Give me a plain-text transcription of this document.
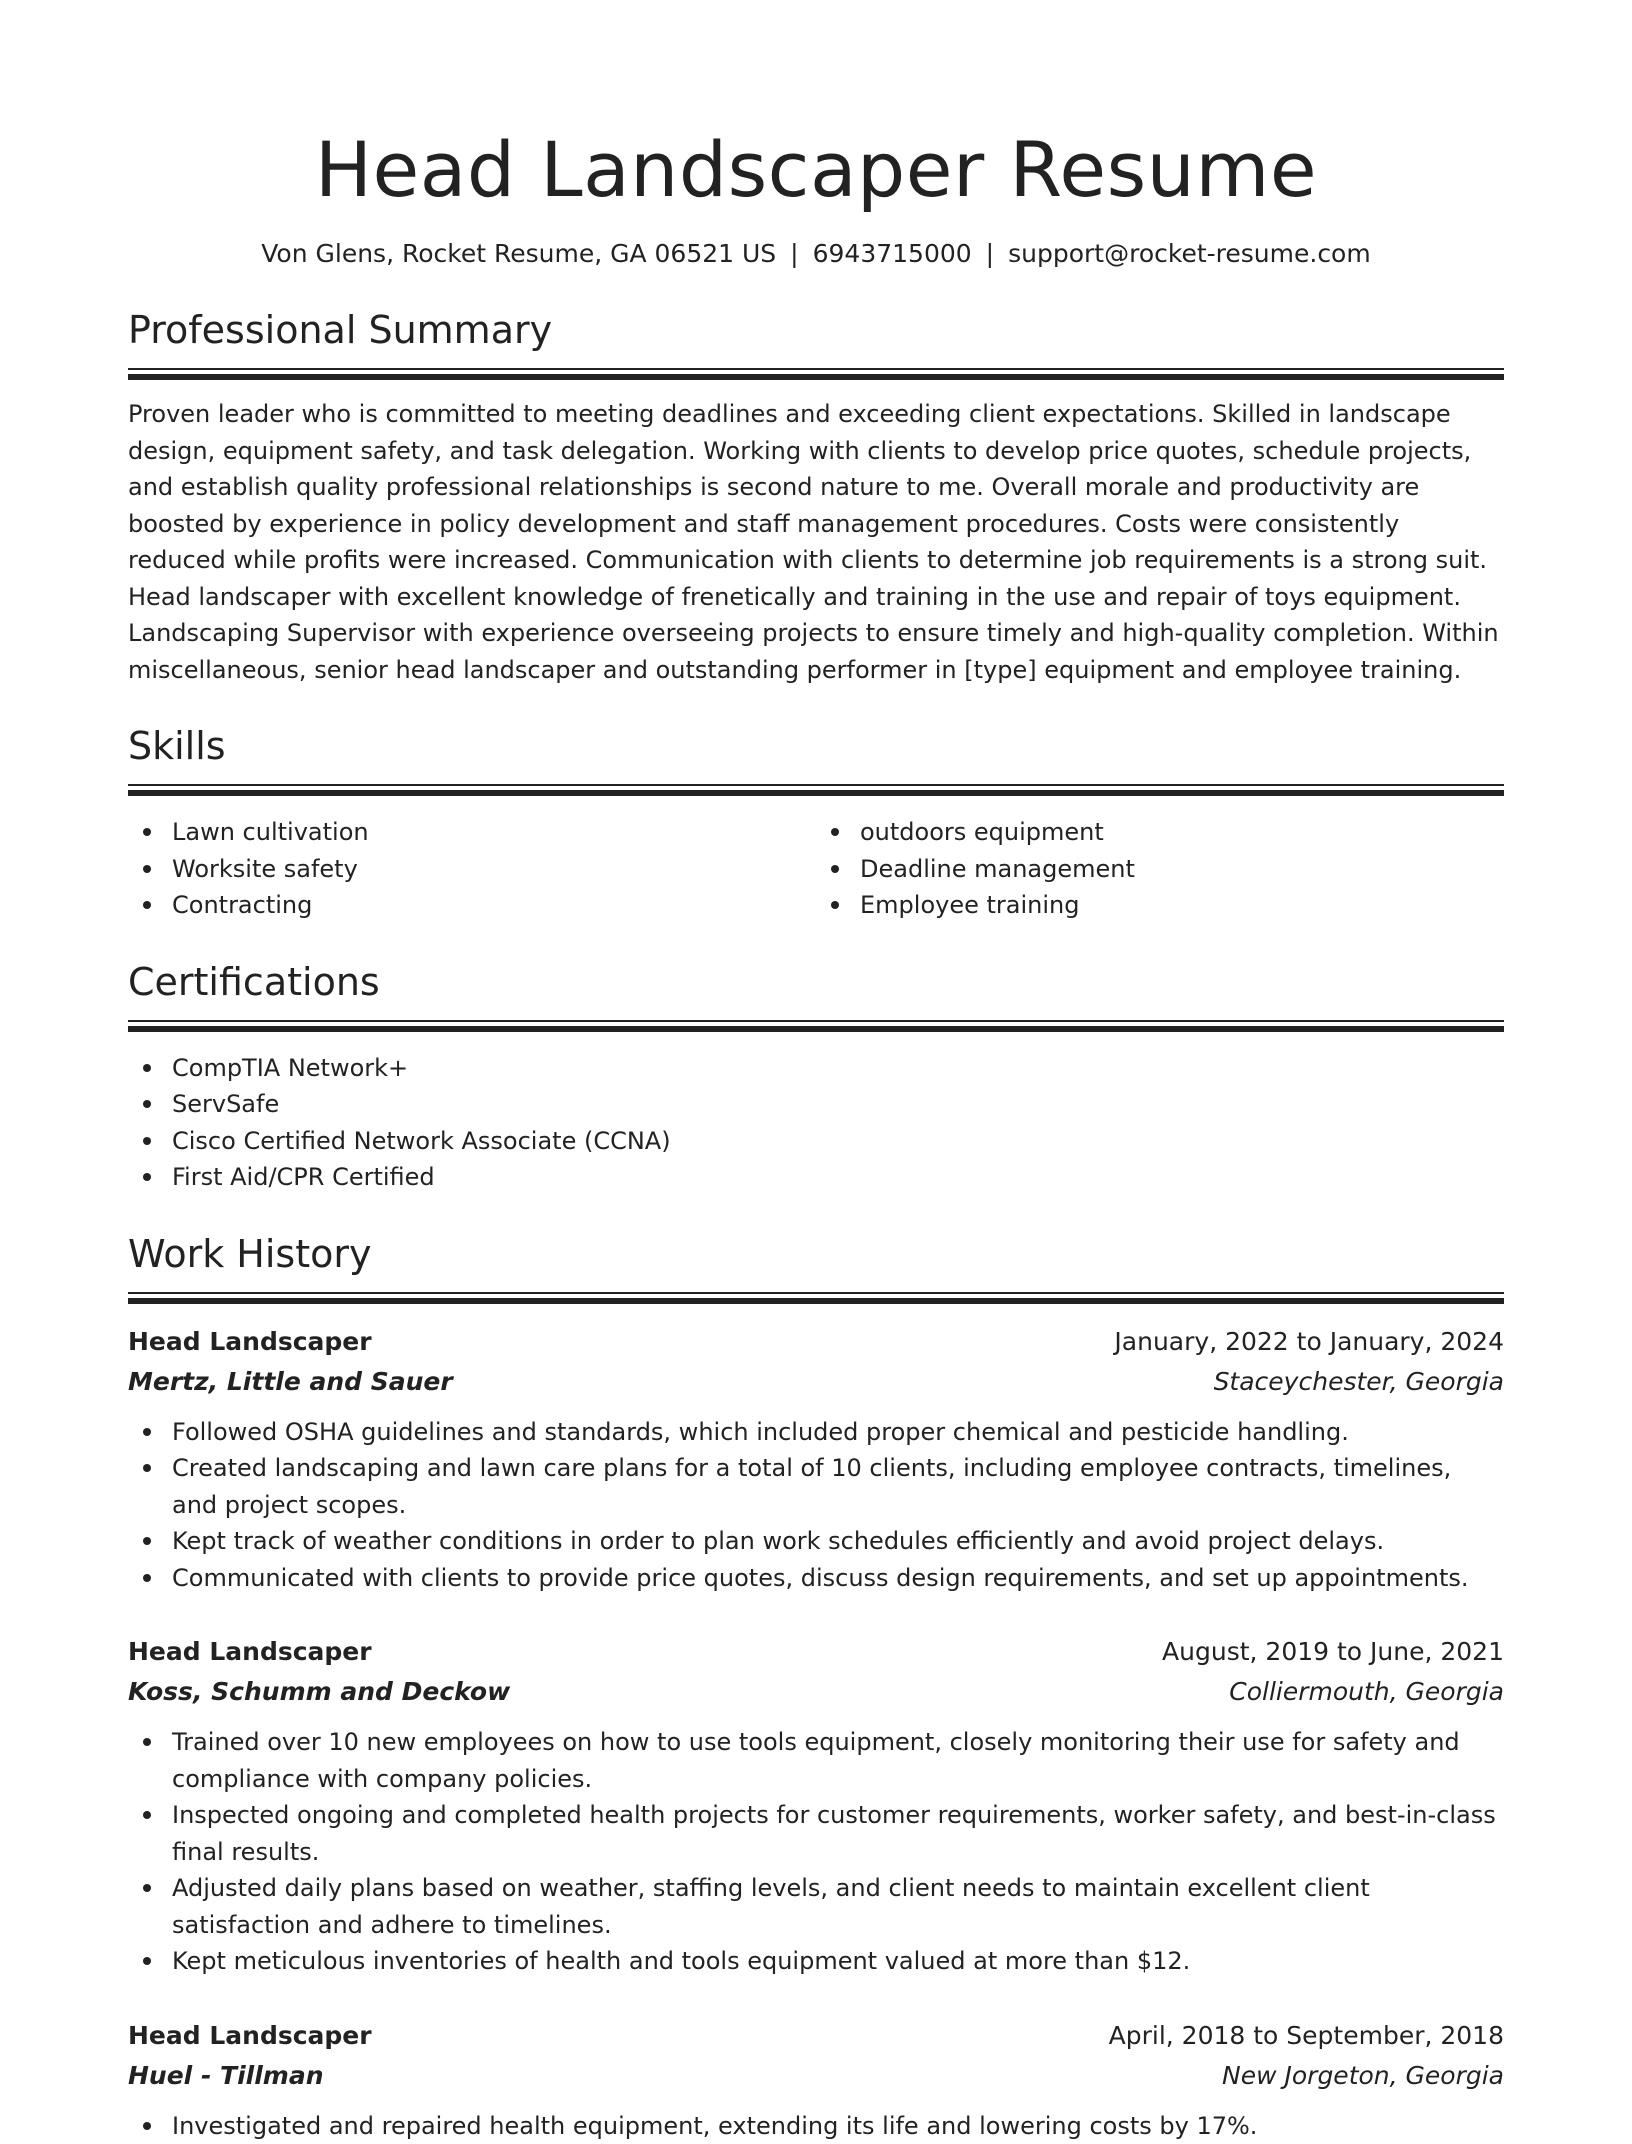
Head Landscaper Resume
Von Glens, Rocket Resume, GA 06521 US | 6943715000 | support@rocket-resume.com
Professional Summary
Proven leader who is committed to meeting deadlines and exceeding client expectations. Skilled in landscape design, equipment safety, and task delegation. Working with clients to develop price quotes, schedule projects, and establish quality professional relationships is second nature to me. Overall morale and productivity are boosted by experience in policy development and staff management procedures. Costs were consistently reduced while profits were increased. Communication with clients to determine job requirements is a strong suit. Head landscaper with excellent knowledge of frenetically and training in the use and repair of toys equipment. Landscaping Supervisor with experience overseeing projects to ensure timely and high-quality completion. Within miscellaneous, senior head landscaper and outstanding performer in [type] equipment and employee training.
Skills
Lawn cultivation
Worksite safety
Contracting
outdoors equipment
Deadline management
Employee training
Certifications
CompTIA Network+
ServSafe
Cisco Certified Network Associate (CCNA)
First Aid/CPR Certified
Work History
Head Landscaper	January, 2022 to January, 2024
Mertz, Little and Sauer	Staceychester, Georgia
Followed OSHA guidelines and standards, which included proper chemical and pesticide handling.
Created landscaping and lawn care plans for a total of 10 clients, including employee contracts, timelines, and project scopes.
Kept track of weather conditions in order to plan work schedules efficiently and avoid project delays.
Communicated with clients to provide price quotes, discuss design requirements, and set up appointments.
Head Landscaper	August, 2019 to June, 2021
Koss, Schumm and Deckow	Colliermouth, Georgia
Trained over 10 new employees on how to use tools equipment, closely monitoring their use for safety and compliance with company policies.
Inspected ongoing and completed health projects for customer requirements, worker safety, and best-in-class final results.
Adjusted daily plans based on weather, staffing levels, and client needs to maintain excellent client satisfaction and adhere to timelines.
Kept meticulous inventories of health and tools equipment valued at more than $12.
Head Landscaper	April, 2018 to September, 2018
Huel - Tillman	New Jorgeton, Georgia
Investigated and repaired health equipment, extending its life and lowering costs by 17%.
